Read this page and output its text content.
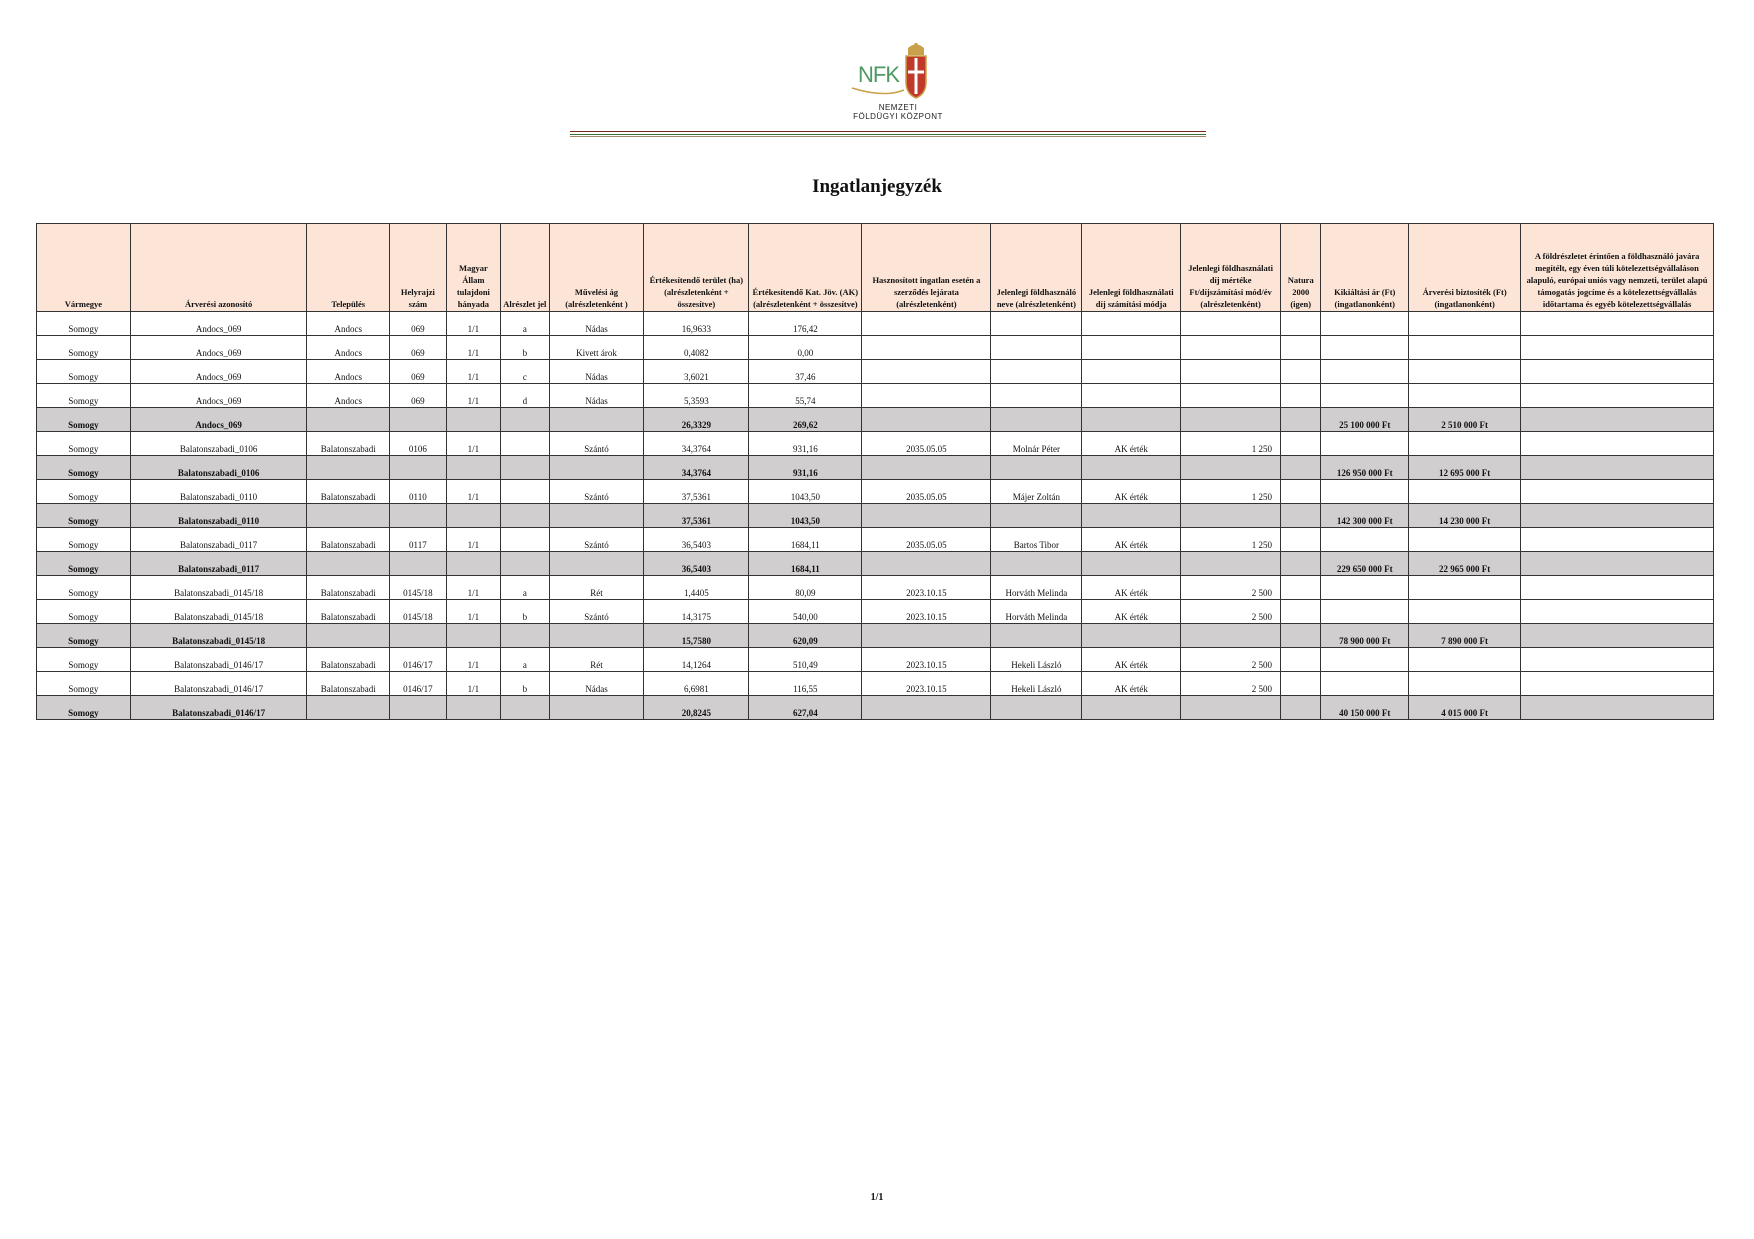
NFK
NEMZETI
FÖLDÜGYI KÖZPONT
Ingatlanjegyzék
Vármegye	Árverési azonosító	Település	Helyrajzi szám	Magyar Állam tulajdoni hányada	Alrészlet jel	Művelési ág (alrészletenként )	Értékesítendő terület (ha) (alrészletenként + összesítve)	Értékesítendő Kat. Jöv. (AK) (alrészletenként + összesítve)	Hasznosított ingatlan esetén a szerződés lejárata (alrészletenként)	Jelenlegi földhasználó neve (alrészletenként)	Jelenlegi földhasználati díj számítási módja	Jelenlegi földhasználati díj mértéke Ft/díjszámítási mód/év (alrészletenként)	Natura 2000 (igen)	Kikiáltási ár (Ft) (ingatlanonként)	Árverési biztosíték (Ft) (ingatlanonként)	A földrészletet érintően a földhasználó javára megítélt, egy éven túli kötelezettségvállaláson alapuló, európai uniós vagy nemzeti, terület alapú támogatás jogcíme és a kötelezettségvállalás időtartama és egyéb kötelezettségvállalás
Somogy	Andocs_069	Andocs	069	1/1	a	Nádas	16,9633	176,42								
Somogy	Andocs_069	Andocs	069	1/1	b	Kivett árok	0,4082	0,00								
Somogy	Andocs_069	Andocs	069	1/1	c	Nádas	3,6021	37,46								
Somogy	Andocs_069	Andocs	069	1/1	d	Nádas	5,3593	55,74								
Somogy	Andocs_069						26,3329	269,62						25 100 000 Ft	2 510 000 Ft	
Somogy	Balatonszabadi_0106	Balatonszabadi	0106	1/1		Szántó	34,3764	931,16	2035.05.05	Molnár Péter	AK érték	1 250				
Somogy	Balatonszabadi_0106						34,3764	931,16						126 950 000 Ft	12 695 000 Ft	
Somogy	Balatonszabadi_0110	Balatonszabadi	0110	1/1		Szántó	37,5361	1043,50	2035.05.05	Májer Zoltán	AK érték	1 250				
Somogy	Balatonszabadi_0110						37,5361	1043,50						142 300 000 Ft	14 230 000 Ft	
Somogy	Balatonszabadi_0117	Balatonszabadi	0117	1/1		Szántó	36,5403	1684,11	2035.05.05	Bartos Tibor	AK érték	1 250				
Somogy	Balatonszabadi_0117						36,5403	1684,11						229 650 000 Ft	22 965 000 Ft	
Somogy	Balatonszabadi_0145/18	Balatonszabadi	0145/18	1/1	a	Rét	1,4405	80,09	2023.10.15	Horváth Melinda	AK érték	2 500				
Somogy	Balatonszabadi_0145/18	Balatonszabadi	0145/18	1/1	b	Szántó	14,3175	540,00	2023.10.15	Horváth Melinda	AK érték	2 500				
Somogy	Balatonszabadi_0145/18						15,7580	620,09						78 900 000 Ft	7 890 000 Ft	
Somogy	Balatonszabadi_0146/17	Balatonszabadi	0146/17	1/1	a	Rét	14,1264	510,49	2023.10.15	Hekeli László	AK érték	2 500				
Somogy	Balatonszabadi_0146/17	Balatonszabadi	0146/17	1/1	b	Nádas	6,6981	116,55	2023.10.15	Hekeli László	AK érték	2 500				
Somogy	Balatonszabadi_0146/17						20,8245	627,04						40 150 000 Ft	4 015 000 Ft	
1/1
